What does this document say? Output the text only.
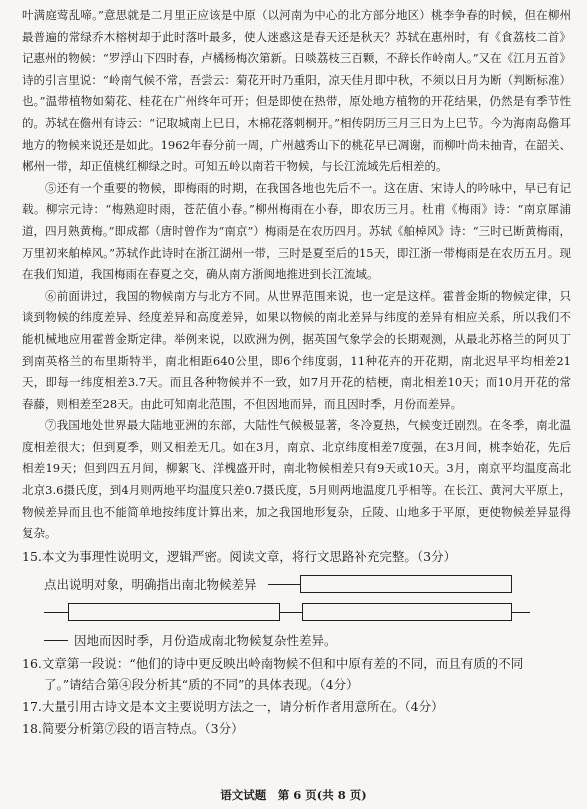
叶满庭莺乱啼。”意思就是二月里正应该是中原（以河南为中心的北方部分地区）桃李争春的时候，但在柳州最普遍的常绿乔木榕树却于此时落叶最多，使人迷惑这是春天还是秋天？苏轼在惠州时，有《食荔枝二首》记惠州的物候：“罗浮山下四时春，卢橘杨梅次第新。日啖荔枝三百颗，不辞长作岭南人。”又在《江月五首》诗的引言里说：“岭南气候不常，吾尝云：菊花开时乃重阳，凉天佳月即中秋，不须以日月为断（判断标准）也。”温带植物如菊花、桂花在广州终年可开；但是即使在热带，原处地方植物的开花结果，仍然是有季节性的。苏轼在儋州有诗云：“记取城南上巳日，木棉花落刺桐开。”相传阴历三月三日为上巳节。今为海南岛儋耳地方的物候来说还是如此。1962年春分前一周，广州越秀山下的桃花早已凋谢，而柳叶尚未抽青，在韶关、郴州一带，却正值桃红柳绿之时。可知五岭以南若干物候，与长江流域先后相差的。

⑤还有一个重要的物候，即梅雨的时期，在我国各地也先后不一。这在唐、宋诗人的吟咏中，早已有记载。柳宗元诗：“梅熟迎时雨，苍茫值小春。”柳州梅雨在小春，即农历三月。杜甫《梅雨》诗：“南京犀浦道，四月熟黄梅。”即成都（唐时曾作为“南京”）梅雨是在农历四月。苏轼《舶棹风》诗：“三时已断黄梅雨，万里初来舶棹风。”苏轼作此诗时在浙江湖州一带，三时是夏至后的15天，即江浙一带梅雨是在农历五月。现在我们知道，我国梅雨在春夏之交，确从南方浙闽地推进到长江流域。

⑥前面讲过，我国的物候南方与北方不同。从世界范围来说，也一定是这样。霍普金斯的物候定律，只谈到物候的纬度差异、经度差异和高度差异，如果以物候的南北差异与纬度的差异有相应关系，所以我们不能机械地应用霍普金斯定律。举例来说，以欧洲为例，据英国气象学会的长期观测，从最北苏格兰的阿贝丁到南英格兰的布里斯特半，南北相距640公里，即6个纬度弱，11种花卉的开花期，南北迟早平均相差21天，即每一纬度相差3.7天。而且各种物候并不一致，如7月开花的桔梗，南北相差10天；而10月开花的常春藤，则相差至28天。由此可知南北范围，不但因地而异，而且因时季，月份而差异。

⑦我国地处世界最大陆地亚洲的东部，大陆性气候极显著，冬冷夏热，气候变迁剧烈。在冬季，南北温度相差很大；但到夏季，则又相差无几。如在3月，南京、北京纬度相差7度强，在3月间，桃李始花，先后相差19天；但到四五月间，柳絮飞、洋槐盛开时，南北物候相差只有9天或10天。3月，南京平均温度高北北京3.6摄氏度，到4月则两地平均温度只差0.7摄氏度，5月则两地温度几乎相等。在长江、黄河大平原上，物候差异而且也不能简单地按纬度计算出来，加之我国地形复杂，丘陵、山地多于平原，更使物候差异显得复杂。

15.本文为事理性说明文，逻辑严密。阅读文章，将行文思路补充完整。（3分）

点出说明对象，明确指出南北物候差异
因地而因时季，月份造成南北物候复杂性差异。

16.文章第一段说：“他们的诗中更反映出岭南物候不但和中原有差的不同，而且有质的不同

了。”请结合第④段分析其“质的不同”的具体表现。（4分）

17.大量引用古诗文是本文主要说明方法之一，请分析作者用意所在。（4分）

18.简要分析第⑦段的语言特点。（3分）

语文试题　第 6 页(共 8 页)
